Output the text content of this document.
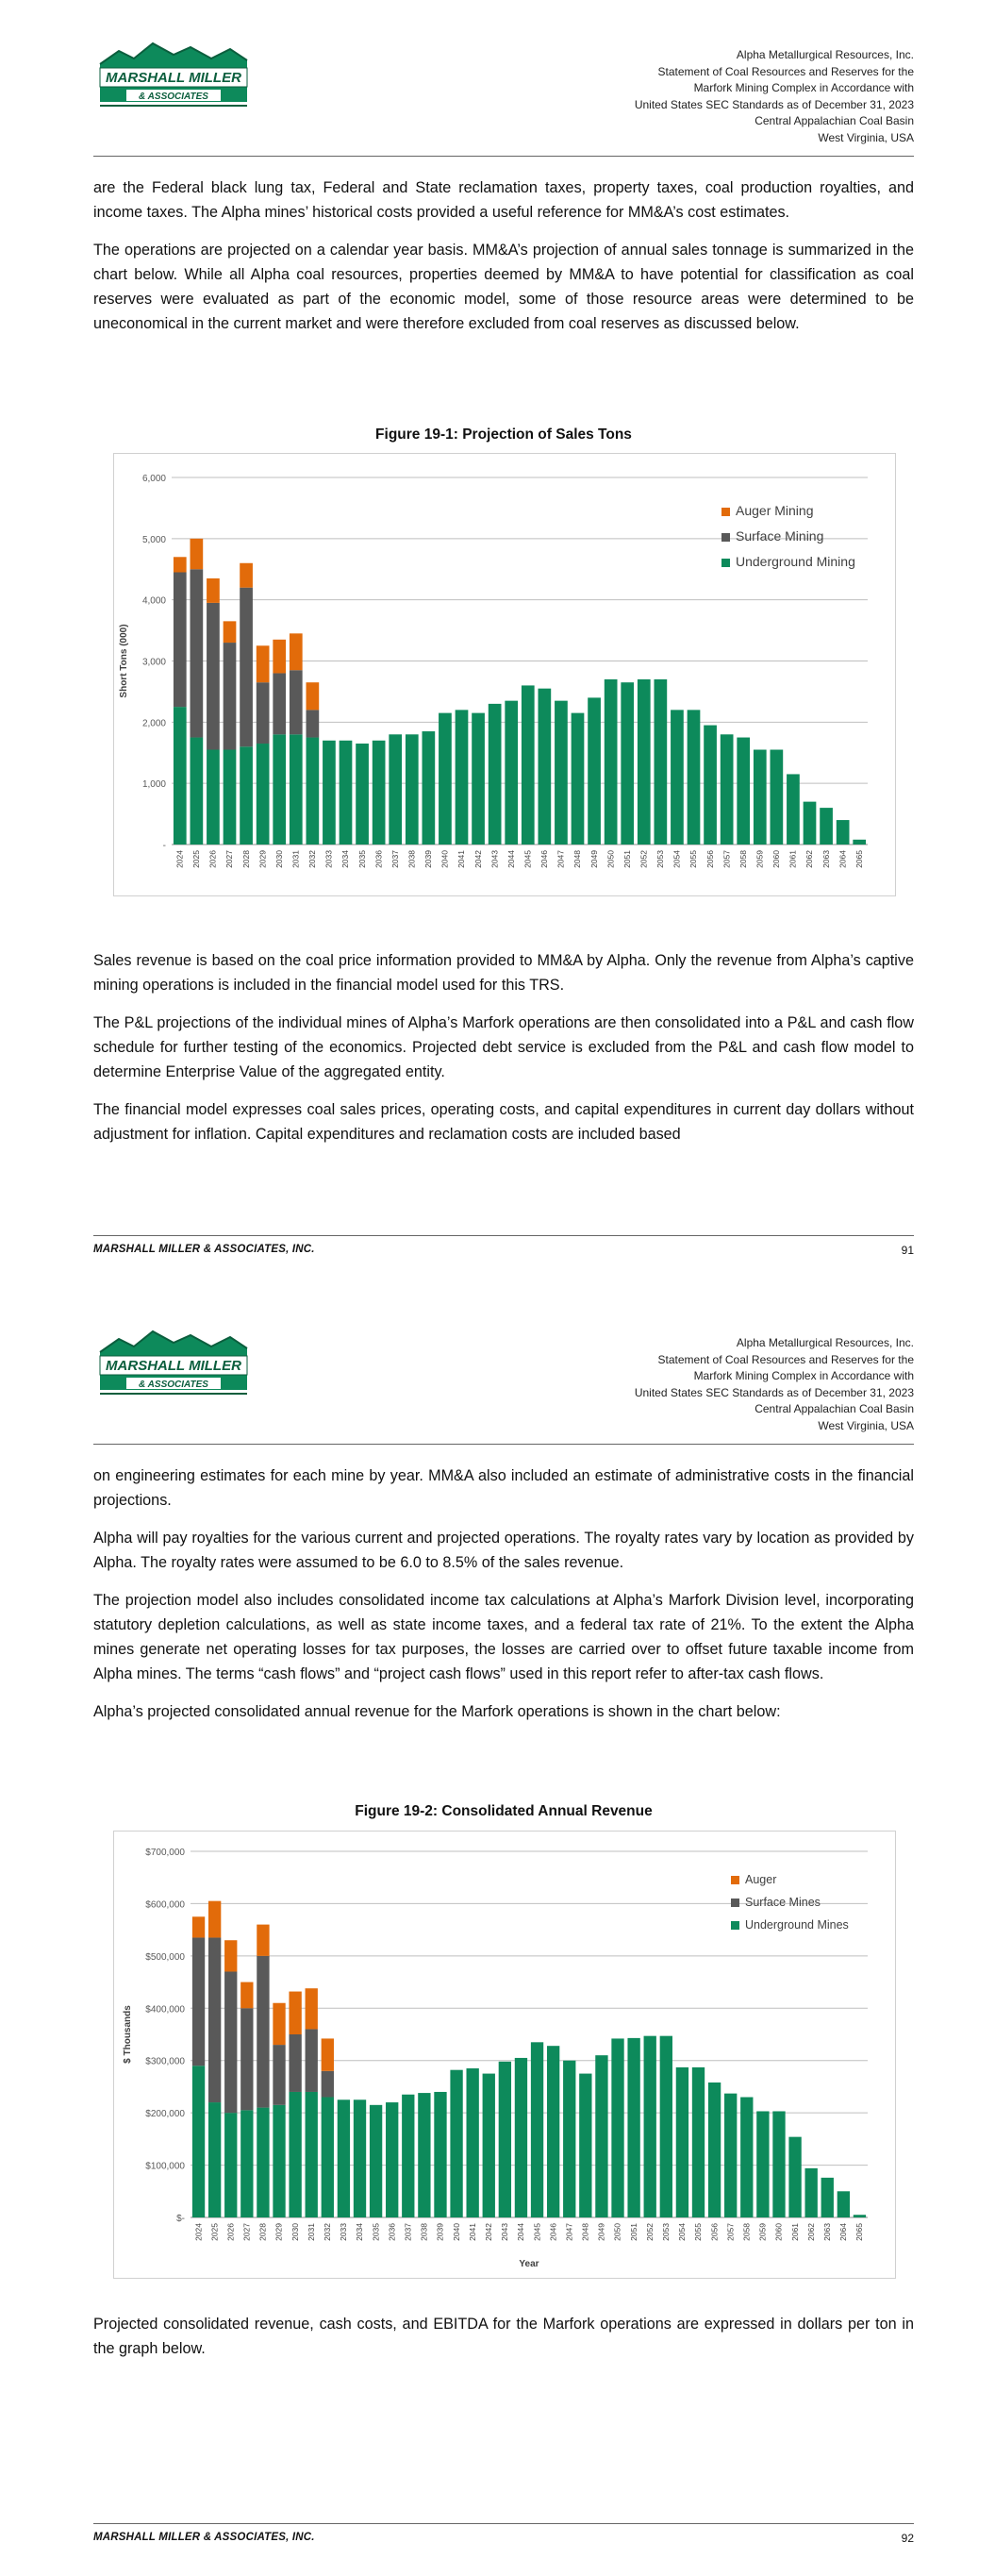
MARSHALL MILLER
& ASSOCIATES
Alpha Metallurgical Resources, Inc.
Statement of Coal Resources and Reserves for the
Marfork Mining Complex in Accordance with
United States SEC Standards as of December 31, 2023
Central Appalachian Coal Basin
West Virginia, USA

are the Federal black lung tax, Federal and State reclamation taxes, property taxes, coal production royalties, and income taxes. The Alpha mines’ historical costs provided a useful reference for MM&A’s cost estimates.

The operations are projected on a calendar year basis. MM&A’s projection of annual sales tonnage is summarized in the chart below. While all Alpha coal resources, properties deemed by MM&A to have potential for classification as coal reserves were evaluated as part of the economic model, some of those resource areas were determined to be uneconomical in the current market and were therefore excluded from coal reserves as discussed below.

Figure 19-1: Projection of Sales Tons
-
1,000
2,000
3,000
4,000
5,000
6,000
Short Tons (000)
2024 2025 2026 2027 2028 2029 2030 2031 2032 2033 2034 2035 2036 2037 2038 2039 2040 2041 2042 2043 2044 2045 2046 2047 2048 2049 2050 2051 2052 2053 2054 2055 2056 2057 2058 2059 2060 2061 2062 2063 2064 2065
Auger Mining
Surface Mining
Underground Mining

Sales revenue is based on the coal price information provided to MM&A by Alpha. Only the revenue from Alpha’s captive mining operations is included in the financial model used for this TRS.

The P&L projections of the individual mines of Alpha’s Marfork operations are then consolidated into a P&L and cash flow schedule for further testing of the economics. Projected debt service is excluded from the P&L and cash flow model to determine Enterprise Value of the aggregated entity.

The financial model expresses coal sales prices, operating costs, and capital expenditures in current day dollars without adjustment for inflation. Capital expenditures and reclamation costs are included based

MARSHALL MILLER & ASSOCIATES, INC.	91
MARSHALL MILLER
& ASSOCIATES
Alpha Metallurgical Resources, Inc.
Statement of Coal Resources and Reserves for the
Marfork Mining Complex in Accordance with
United States SEC Standards as of December 31, 2023
Central Appalachian Coal Basin
West Virginia, USA

on engineering estimates for each mine by year. MM&A also included an estimate of administrative costs in the financial projections.

Alpha will pay royalties for the various current and projected operations. The royalty rates vary by location as provided by Alpha. The royalty rates were assumed to be 6.0 to 8.5% of the sales revenue.

The projection model also includes consolidated income tax calculations at Alpha’s Marfork Division level, incorporating statutory depletion calculations, as well as state income taxes, and a federal tax rate of 21%. To the extent the Alpha mines generate net operating losses for tax purposes, the losses are carried over to offset future taxable income from Alpha mines. The terms “cash flows” and “project cash flows” used in this report refer to after-tax cash flows.

Alpha’s projected consolidated annual revenue for the Marfork operations is shown in the chart below:

Figure 19-2: Consolidated Annual Revenue
$-
$100,000
$200,000
$300,000
$400,000
$500,000
$600,000
$700,000
$ Thousands
2024 2025 2026 2027 2028 2029 2030 2031 2032 2033 2034 2035 2036 2037 2038 2039 2040 2041 2042 2043 2044 2045 2046 2047 2048 2049 2050 2051 2052 2053 2054 2055 2056 2057 2058 2059 2060 2061 2062 2063 2064 2065
Year
Auger
Surface Mines
Underground Mines

Projected consolidated revenue, cash costs, and EBITDA for the Marfork operations are expressed in dollars per ton in the graph below.

MARSHALL MILLER & ASSOCIATES, INC.	92
